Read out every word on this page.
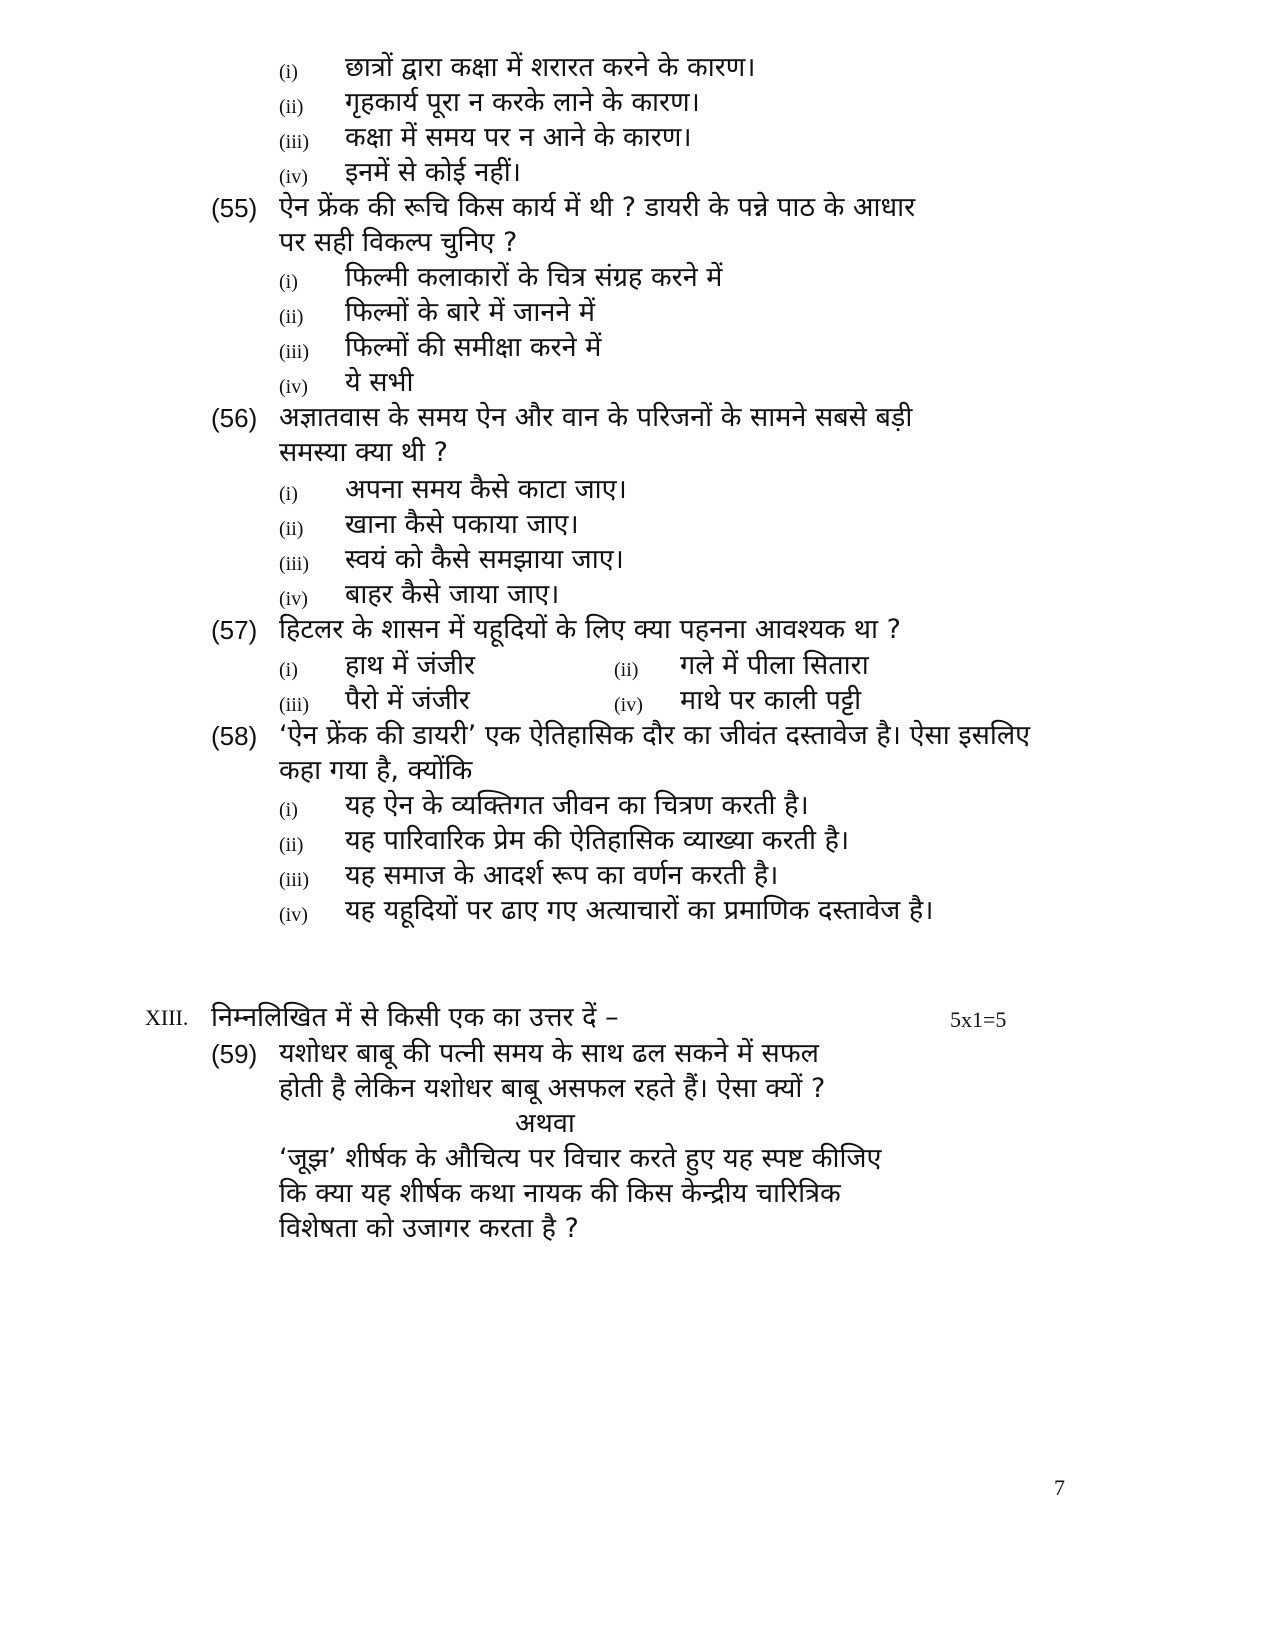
(i) छात्रों द्वारा कक्षा में शरारत करने के कारण।
(ii) गृहकार्य पूरा न करके लाने के कारण।
(iii) कक्षा में समय पर न आने के कारण।
(iv) इनमें से कोई नहीं।
(55) ऐन फ्रेंक की रूचि किस कार्य में थी ? डायरी के पन्ने पाठ के आधार
पर सही विकल्प चुनिए ?
(i) फिल्मी कलाकारों के चित्र संग्रह करने में
(ii) फिल्मों के बारे में जानने में
(iii) फिल्मों की समीक्षा करने में
(iv) ये सभी
(56) अज्ञातवास के समय ऐन और वान के परिजनों के सामने सबसे बड़ी
समस्या क्या थी ?
(i) अपना समय कैसे काटा जाए।
(ii) खाना कैसे पकाया जाए।
(iii) स्वयं को कैसे समझाया जाए।
(iv) बाहर कैसे जाया जाए।
(57) हिटलर के शासन में यहूदियों के लिए क्या पहनना आवश्यक था ?
(i) हाथ में जंजीर	(ii) गले में पीला सितारा
(iii) पैरो में जंजीर	(iv) माथे पर काली पट्टी
(58) ‘ऐन फ्रेंक की डायरी’ एक ऐतिहासिक दौर का जीवंत दस्तावेज है। ऐसा इसलिए
कहा गया है, क्योंकि
(i) यह ऐन के व्यक्तिगत जीवन का चित्रण करती है।
(ii) यह पारिवारिक प्रेम की ऐतिहासिक व्याख्या करती है।
(iii) यह समाज के आदर्श रूप का वर्णन करती है।
(iv) यह यहूदियों पर ढाए गए अत्याचारों का प्रमाणिक दस्तावेज है।
XIII. निम्नलिखित में से किसी एक का उत्तर दें –	5x1=5
(59) यशोधर बाबू की पत्नी समय के साथ ढल सकने में सफल
होती है लेकिन यशोधर बाबू असफल रहते हैं। ऐसा क्यों ?
अथवा
‘जूझ’ शीर्षक के औचित्य पर विचार करते हुए यह स्पष्ट कीजिए
कि क्या यह शीर्षक कथा नायक की किस केन्द्रीय चारित्रिक
विशेषता को उजागर करता है ?
7
